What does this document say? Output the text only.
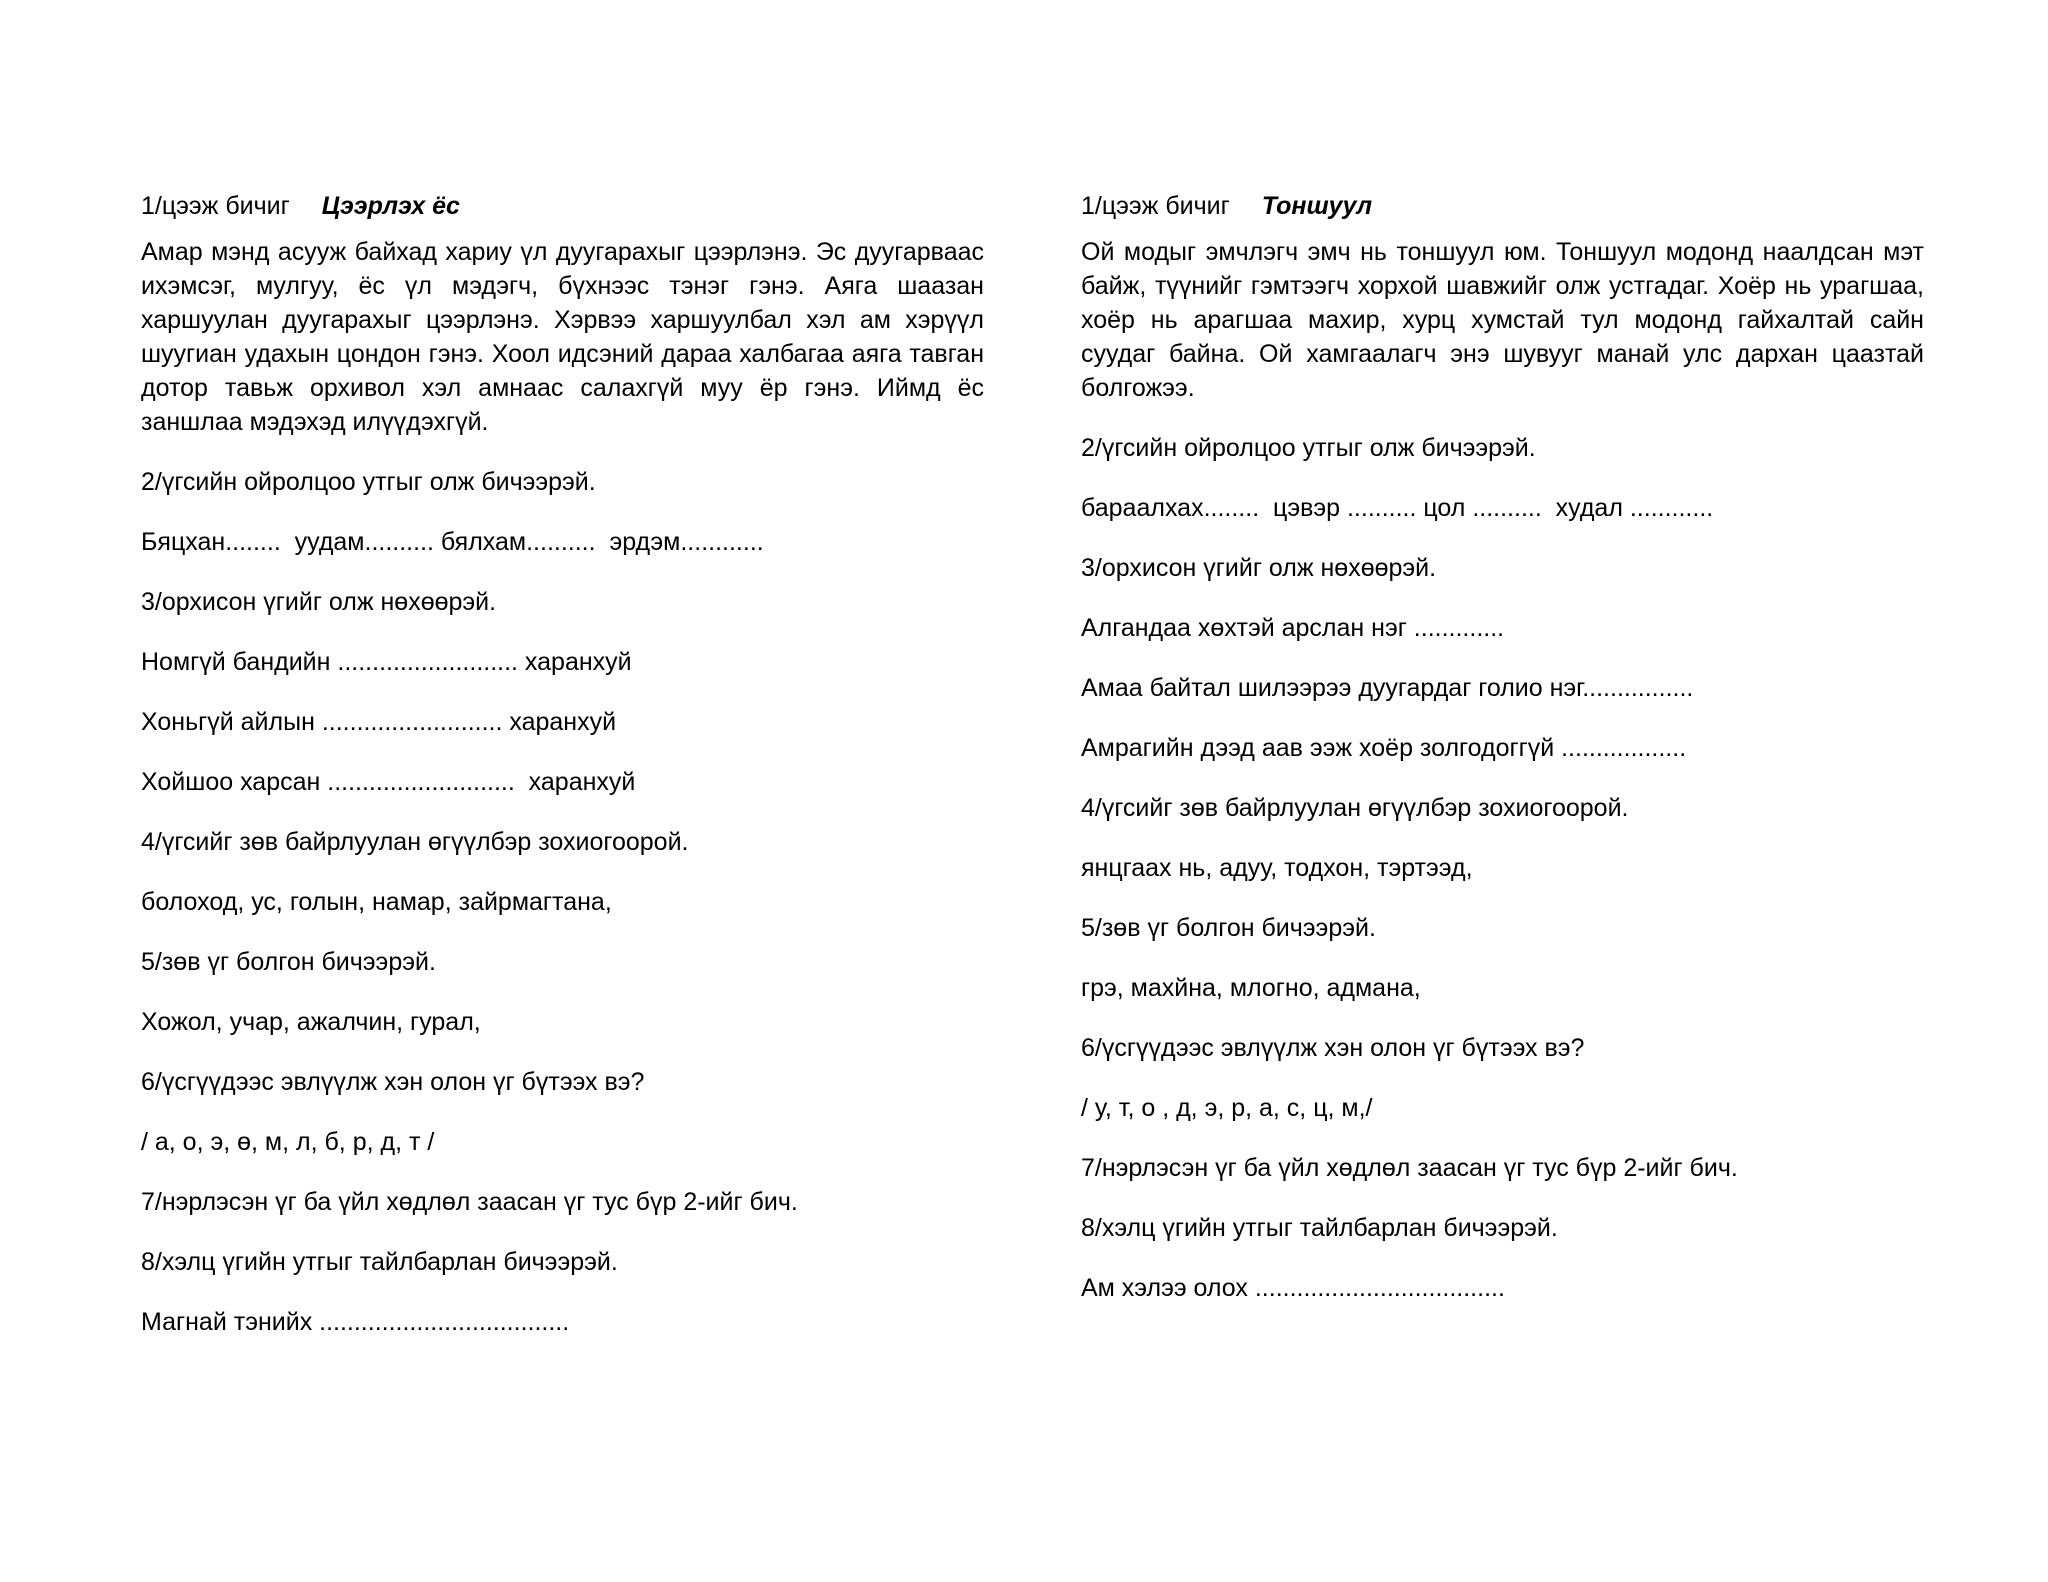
1/цээж бичиг Цээрлэх ёс

Амар мэнд асууж байхад хариу үл дуугарахыг цээрлэнэ. Эс дуугарваас ихэмсэг, мулгуу, ёс үл мэдэгч, бүхнээс тэнэг гэнэ. Аяга шаазан харшуулан дуугарахыг цээрлэнэ. Хэрвээ харшуулбал хэл ам хэрүүл шуугиан удахын цондон гэнэ. Хоол идсэний дараа халбагаа аяга тавган дотор тавьж орхивол хэл амнаас салахгүй муу ёр гэнэ. Иймд ёс заншлаа мэдэхэд илүүдэхгүй.

2/үгсийн ойролцоо утгыг олж бичээрэй.

Бяцхан........  уудам.......... бялхам..........  эрдэм............

3/орхисон үгийг олж нөхөөрэй.

Номгүй бандийн .......................... харанхуй

Хоньгүй айлын .......................... харанхуй

Хойшоо харсан ...........................  харанхуй

4/үгсийг зөв байрлуулан өгүүлбэр зохиогоорой.

болоход, ус, голын, намар, зайрмагтана,

5/зөв үг болгон бичээрэй.

Хожол, учар, ажалчин, гурал,

6/үсгүүдээс эвлүүлж хэн олон үг бүтээх вэ?

/ а, о, э, ө, м, л, б, р, д, т /

7/нэрлэсэн үг ба үйл хөдлөл заасан үг тус бүр 2-ийг бич.

8/хэлц үгийн утгыг тайлбарлан бичээрэй.

Магнай тэнийх ....................................

1/цээж бичиг Тоншуул

Ой модыг эмчлэгч эмч нь тоншуул юм. Тоншуул модонд наалдсан мэт байж, түүнийг гэмтээгч хорхой шавжийг олж устгадаг. Хоёр нь урагшаа, хоёр нь арагшаа махир, хурц хумстай тул модонд гайхалтай сайн суудаг байна. Ой хамгаалагч энэ шувууг манай улс дархан цаазтай болгожээ.

2/үгсийн ойролцоо утгыг олж бичээрэй.

бараалхах........  цэвэр .......... цол ..........  худал ............

3/орхисон үгийг олж нөхөөрэй.

Алгандаа хөхтэй арслан нэг .............

Амаа байтал шилээрээ дуугардаг голио нэг................

Амрагийн дээд аав ээж хоёр золгодоггүй ..................

4/үгсийг зөв байрлуулан өгүүлбэр зохиогоорой.

янцгаах нь, адуу, тодхон, тэртээд,

5/зөв үг болгон бичээрэй.

грэ, махйна, млогно, адмана,

6/үсгүүдээс эвлүүлж хэн олон үг бүтээх вэ?

/ у, т, о , д, э, р, а, с, ц, м,/

7/нэрлэсэн үг ба үйл хөдлөл заасан үг тус бүр 2-ийг бич.

8/хэлц үгийн утгыг тайлбарлан бичээрэй.

Ам хэлээ олох ....................................
